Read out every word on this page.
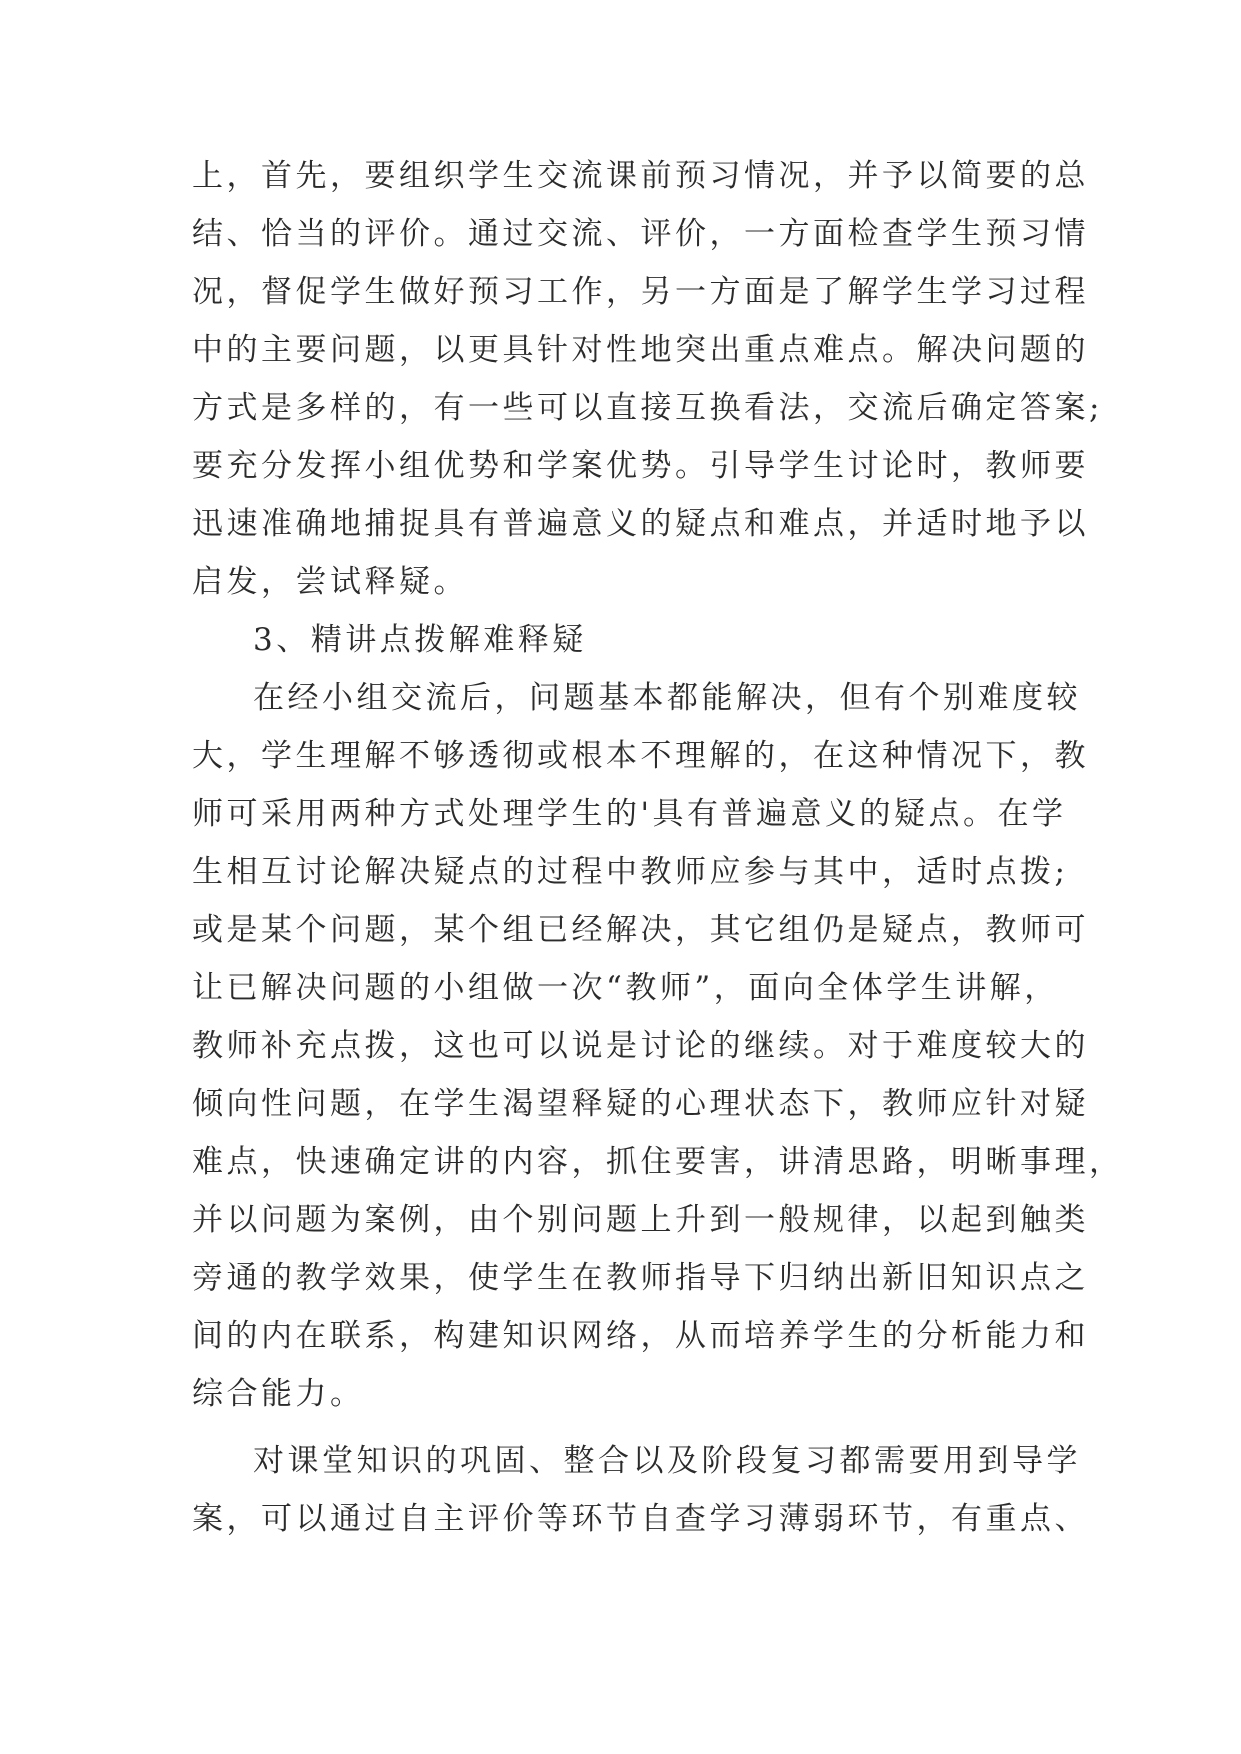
上，首先，要组织学生交流课前预习情况，并予以简要的总
结、恰当的评价。通过交流、评价，一方面检查学生预习情
况，督促学生做好预习工作，另一方面是了解学生学习过程
中的主要问题，以更具针对性地突出重点难点。解决问题的
方式是多样的，有一些可以直接互换看法，交流后确定答案;
要充分发挥小组优势和学案优势。引导学生讨论时，教师要
迅速准确地捕捉具有普遍意义的疑点和难点，并适时地予以
启发，尝试释疑。
3、精讲点拨解难释疑
在经小组交流后，问题基本都能解决，但有个别难度较
大，学生理解不够透彻或根本不理解的，在这种情况下，教
师可采用两种方式处理学生的'具有普遍意义的疑点。在学
生相互讨论解决疑点的过程中教师应参与其中，适时点拨;
或是某个问题，某个组已经解决，其它组仍是疑点，教师可
让已解决问题的小组做一次“教师”，面向全体学生讲解，
教师补充点拨，这也可以说是讨论的继续。对于难度较大的
倾向性问题，在学生渴望释疑的心理状态下，教师应针对疑
难点，快速确定讲的内容，抓住要害，讲清思路，明晰事理，
并以问题为案例，由个别问题上升到一般规律，以起到触类
旁通的教学效果，使学生在教师指导下归纳出新旧知识点之
间的内在联系，构建知识网络，从而培养学生的分析能力和
综合能力。
对课堂知识的巩固、整合以及阶段复习都需要用到导学
案，可以通过自主评价等环节自查学习薄弱环节，有重点、
